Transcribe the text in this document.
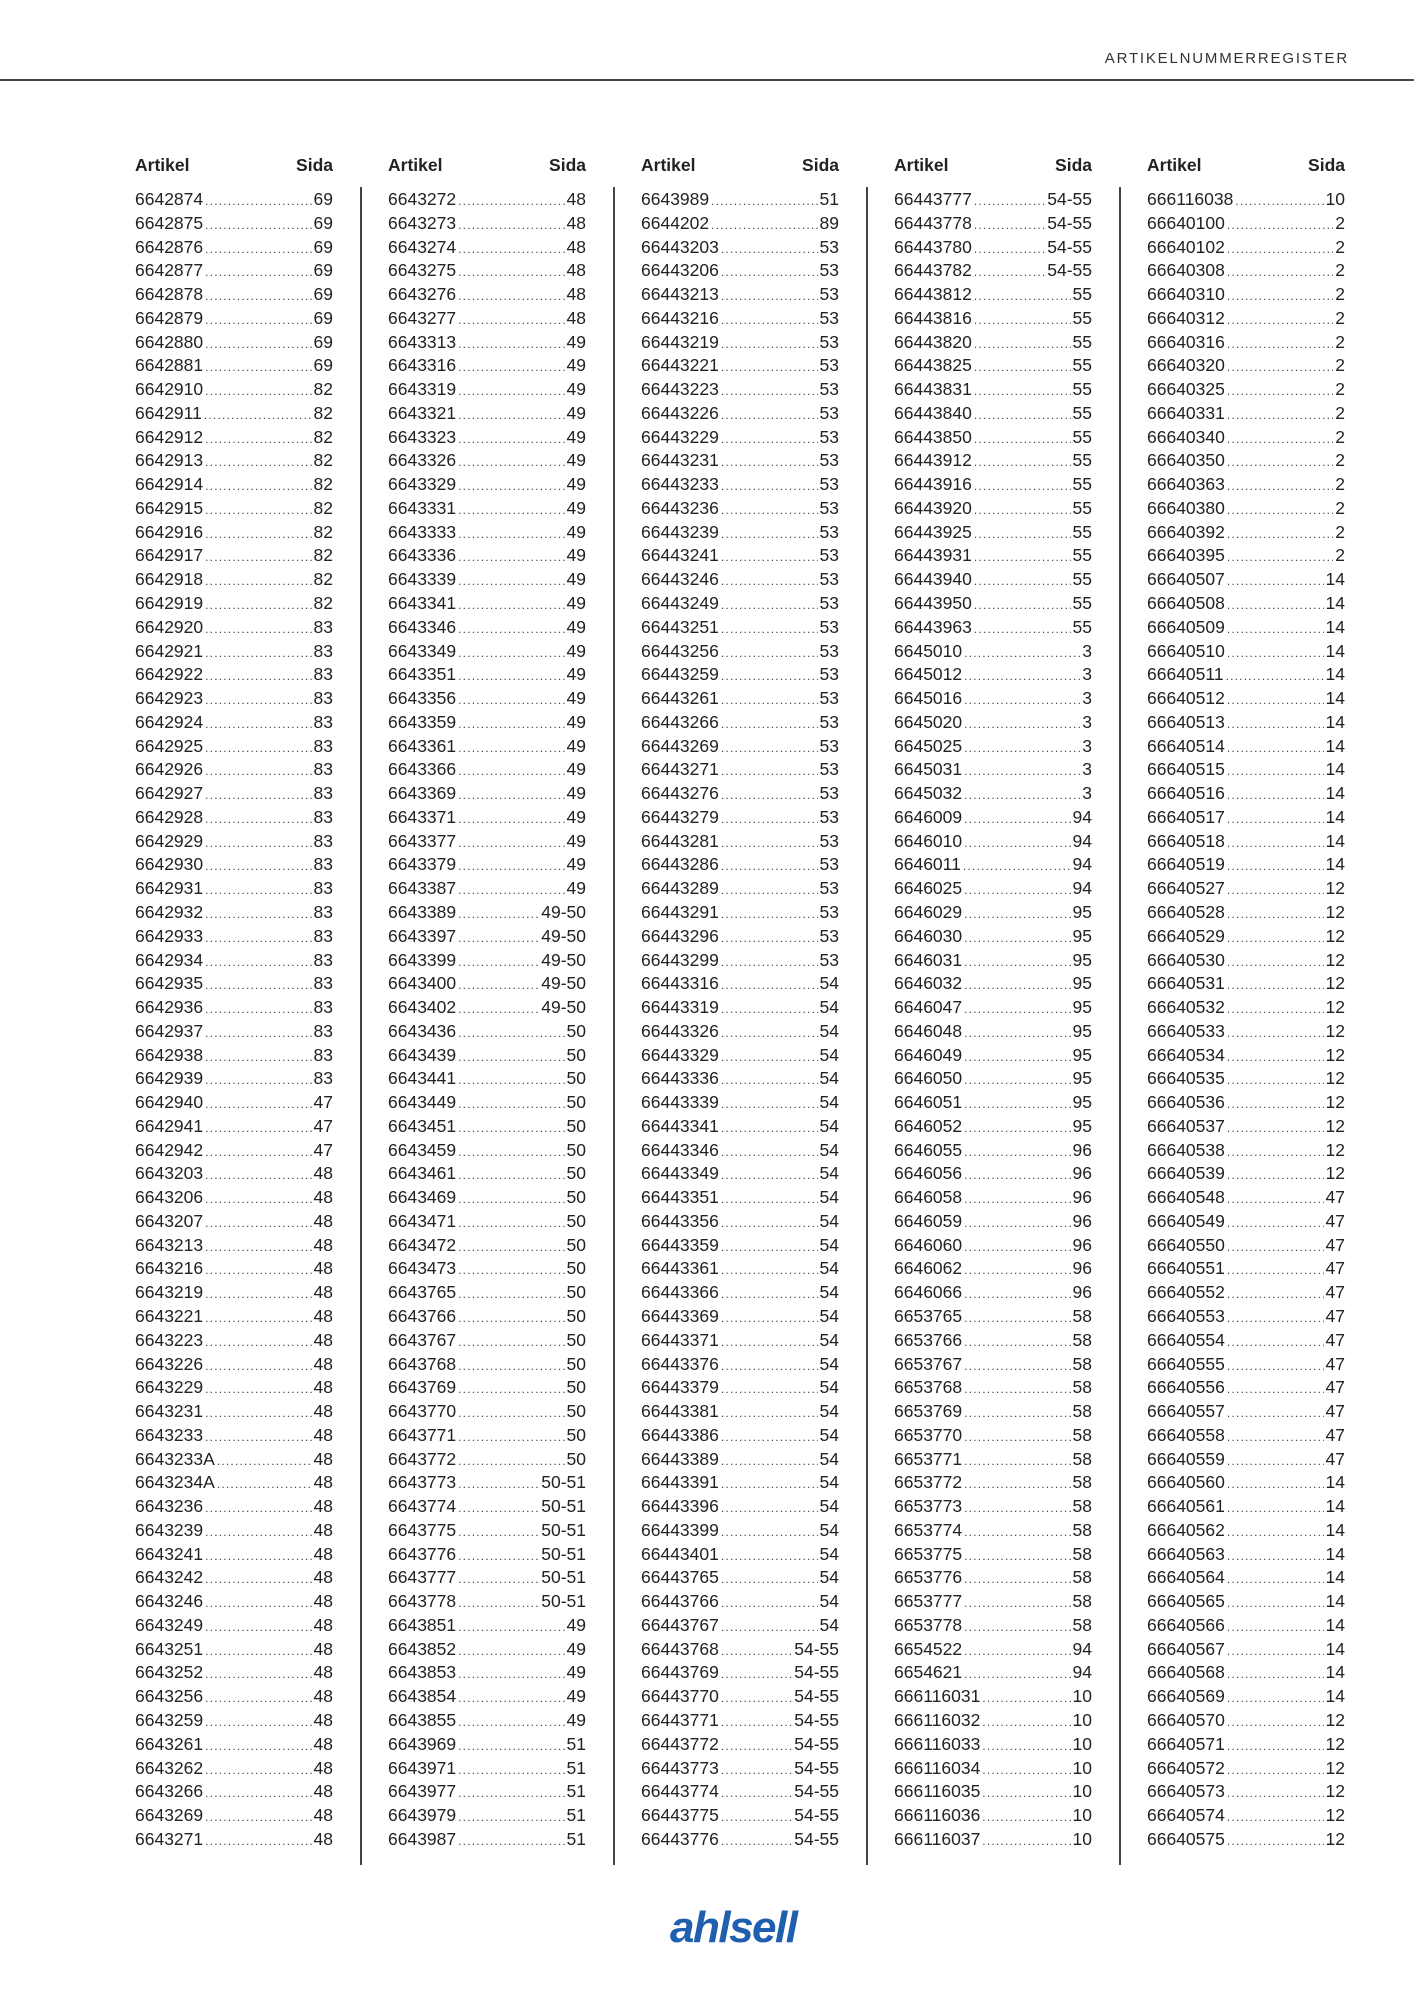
ARTIKELNUMMERREGISTER
Artikel	Sida
6642874 .....	69
6642875 .....	69
6642876 .....	69
6642877 .....	69
6642878 .....	69
6642879 .....	69
6642880 .....	69
6642881 .....	69
6642910 .....	82
6642911 .....	82
6642912 .....	82
6642913 .....	82
6642914 .....	82
6642915 .....	82
6642916 .....	82
6642917 .....	82
6642918 .....	82
6642919 .....	82
6642920 .....	83
6642921 .....	83
6642922 .....	83
6642923 .....	83
6642924 .....	83
6642925 .....	83
6642926 .....	83
6642927 .....	83
6642928 .....	83
6642929 .....	83
6642930 .....	83
6642931 .....	83
6642932 .....	83
6642933 .....	83
6642934 .....	83
6642935 .....	83
6642936 .....	83
6642937 .....	83
6642938 .....	83
6642939 .....	83
6642940 .....	47
6642941 .....	47
6642942 .....	47
6643203 .....	48
6643206 .....	48
6643207 .....	48
6643213 .....	48
6643216 .....	48
6643219 .....	48
6643221 .....	48
6643223 .....	48
6643226 .....	48
6643229 .....	48
6643231 .....	48
6643233 .....	48
6643233A .....	48
6643234A .....	48
6643236 .....	48
6643239 .....	48
6643241 .....	48
6643242 .....	48
6643246 .....	48
6643249 .....	48
6643251 .....	48
6643252 .....	48
6643256 .....	48
6643259 .....	48
6643261 .....	48
6643262 .....	48
6643266 .....	48
6643269 .....	48
6643271 .....	48
Artikel	Sida
6643272 .....	48
6643273 .....	48
6643274 .....	48
6643275 .....	48
6643276 .....	48
6643277 .....	48
6643313 .....	49
6643316 .....	49
6643319 .....	49
6643321 .....	49
6643323 .....	49
6643326 .....	49
6643329 .....	49
6643331 .....	49
6643333 .....	49
6643336 .....	49
6643339 .....	49
6643341 .....	49
6643346 .....	49
6643349 .....	49
6643351 .....	49
6643356 .....	49
6643359 .....	49
6643361 .....	49
6643366 .....	49
6643369 .....	49
6643371 .....	49
6643377 .....	49
6643379 .....	49
6643387 .....	49
6643389 .....	49-50
6643397 .....	49-50
6643399 .....	49-50
6643400 .....	49-50
6643402 .....	49-50
6643436 .....	50
6643439 .....	50
6643441 .....	50
6643449 .....	50
6643451 .....	50
6643459 .....	50
6643461 .....	50
6643469 .....	50
6643471 .....	50
6643472 .....	50
6643473 .....	50
6643765 .....	50
6643766 .....	50
6643767 .....	50
6643768 .....	50
6643769 .....	50
6643770 .....	50
6643771 .....	50
6643772 .....	50
6643773 .....	50-51
6643774 .....	50-51
6643775 .....	50-51
6643776 .....	50-51
6643777 .....	50-51
6643778 .....	50-51
6643851 .....	49
6643852 .....	49
6643853 .....	49
6643854 .....	49
6643855 .....	49
6643969 .....	51
6643971 .....	51
6643977 .....	51
6643979 .....	51
6643987 .....	51
Artikel	Sida
6643989 .....	51
6644202 .....	89
66443203 .....	53
66443206 .....	53
66443213 .....	53
66443216 .....	53
66443219 .....	53
66443221 .....	53
66443223 .....	53
66443226 .....	53
66443229 .....	53
66443231 .....	53
66443233 .....	53
66443236 .....	53
66443239 .....	53
66443241 .....	53
66443246 .....	53
66443249 .....	53
66443251 .....	53
66443256 .....	53
66443259 .....	53
66443261 .....	53
66443266 .....	53
66443269 .....	53
66443271 .....	53
66443276 .....	53
66443279 .....	53
66443281 .....	53
66443286 .....	53
66443289 .....	53
66443291 .....	53
66443296 .....	53
66443299 .....	53
66443316 .....	54
66443319 .....	54
66443326 .....	54
66443329 .....	54
66443336 .....	54
66443339 .....	54
66443341 .....	54
66443346 .....	54
66443349 .....	54
66443351 .....	54
66443356 .....	54
66443359 .....	54
66443361 .....	54
66443366 .....	54
66443369 .....	54
66443371 .....	54
66443376 .....	54
66443379 .....	54
66443381 .....	54
66443386 .....	54
66443389 .....	54
66443391 .....	54
66443396 .....	54
66443399 .....	54
66443401 .....	54
66443765 .....	54
66443766 .....	54
66443767 .....	54
66443768 .....	54-55
66443769 .....	54-55
66443770 .....	54-55
66443771 .....	54-55
66443772 .....	54-55
66443773 .....	54-55
66443774 .....	54-55
66443775 .....	54-55
66443776 .....	54-55
Artikel	Sida
66443777 .....	54-55
66443778 .....	54-55
66443780 .....	54-55
66443782 .....	54-55
66443812 .....	55
66443816 .....	55
66443820 .....	55
66443825 .....	55
66443831 .....	55
66443840 .....	55
66443850 .....	55
66443912 .....	55
66443916 .....	55
66443920 .....	55
66443925 .....	55
66443931 .....	55
66443940 .....	55
66443950 .....	55
66443963 .....	55
6645010 .....	3
6645012 .....	3
6645016 .....	3
6645020 .....	3
6645025 .....	3
6645031 .....	3
6645032 .....	3
6646009 .....	94
6646010 .....	94
6646011 .....	94
6646025 .....	94
6646029 .....	95
6646030 .....	95
6646031 .....	95
6646032 .....	95
6646047 .....	95
6646048 .....	95
6646049 .....	95
6646050 .....	95
6646051 .....	95
6646052 .....	95
6646055 .....	96
6646056 .....	96
6646058 .....	96
6646059 .....	96
6646060 .....	96
6646062 .....	96
6646066 .....	96
6653765 .....	58
6653766 .....	58
6653767 .....	58
6653768 .....	58
6653769 .....	58
6653770 .....	58
6653771 .....	58
6653772 .....	58
6653773 .....	58
6653774 .....	58
6653775 .....	58
6653776 .....	58
6653777 .....	58
6653778 .....	58
6654522 .....	94
6654621 .....	94
666116031 .....	10
666116032 .....	10
666116033 .....	10
666116034 .....	10
666116035 .....	10
666116036 .....	10
666116037 .....	10
Artikel	Sida
666116038 .....	10
66640100 .....	2
66640102 .....	2
66640308 .....	2
66640310 .....	2
66640312 .....	2
66640316 .....	2
66640320 .....	2
66640325 .....	2
66640331 .....	2
66640340 .....	2
66640350 .....	2
66640363 .....	2
66640380 .....	2
66640392 .....	2
66640395 .....	2
66640507 .....	14
66640508 .....	14
66640509 .....	14
66640510 .....	14
66640511 .....	14
66640512 .....	14
66640513 .....	14
66640514 .....	14
66640515 .....	14
66640516 .....	14
66640517 .....	14
66640518 .....	14
66640519 .....	14
66640527 .....	12
66640528 .....	12
66640529 .....	12
66640530 .....	12
66640531 .....	12
66640532 .....	12
66640533 .....	12
66640534 .....	12
66640535 .....	12
66640536 .....	12
66640537 .....	12
66640538 .....	12
66640539 .....	12
66640548 .....	47
66640549 .....	47
66640550 .....	47
66640551 .....	47
66640552 .....	47
66640553 .....	47
66640554 .....	47
66640555 .....	47
66640556 .....	47
66640557 .....	47
66640558 .....	47
66640559 .....	47
66640560 .....	14
66640561 .....	14
66640562 .....	14
66640563 .....	14
66640564 .....	14
66640565 .....	14
66640566 .....	14
66640567 .....	14
66640568 .....	14
66640569 .....	14
66640570 .....	12
66640571 .....	12
66640572 .....	12
66640573 .....	12
66640574 .....	12
66640575 .....	12
ahlsell
